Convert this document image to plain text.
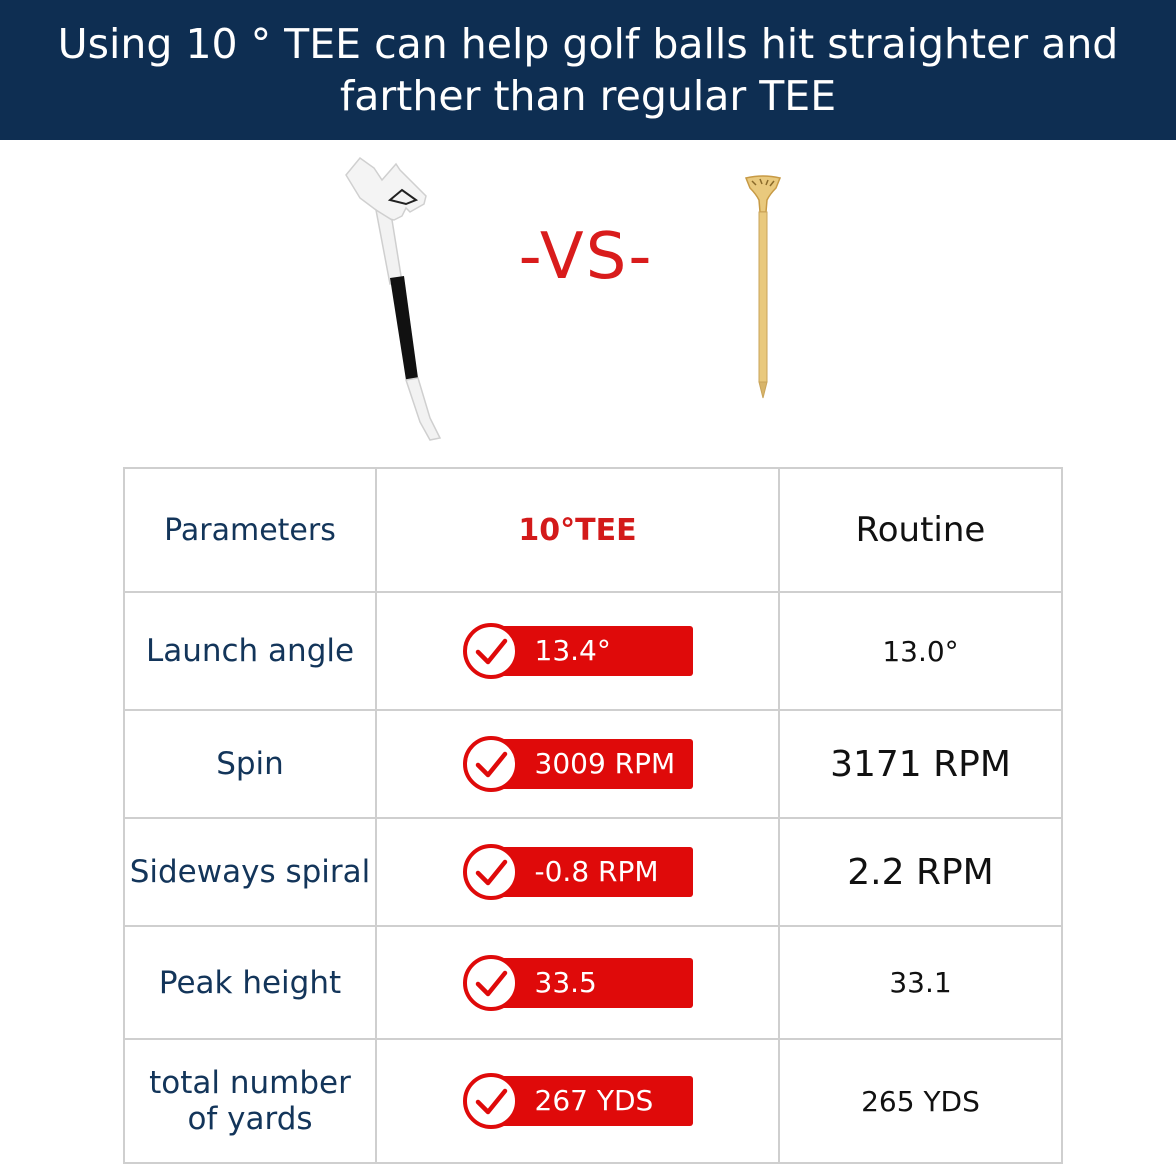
Using 10 ° TEE can help golf balls hit straighter and farther than regular TEE
-VS-
Parameters	10°TEE	Routine
Launch angle	13.4°	13.0°
Spin	3009 RPM	3171 RPM
Sideways spiral	-0.8 RPM	2.2 RPM
Peak height	33.5	33.1
total number of yards	267 YDS	265 YDS
